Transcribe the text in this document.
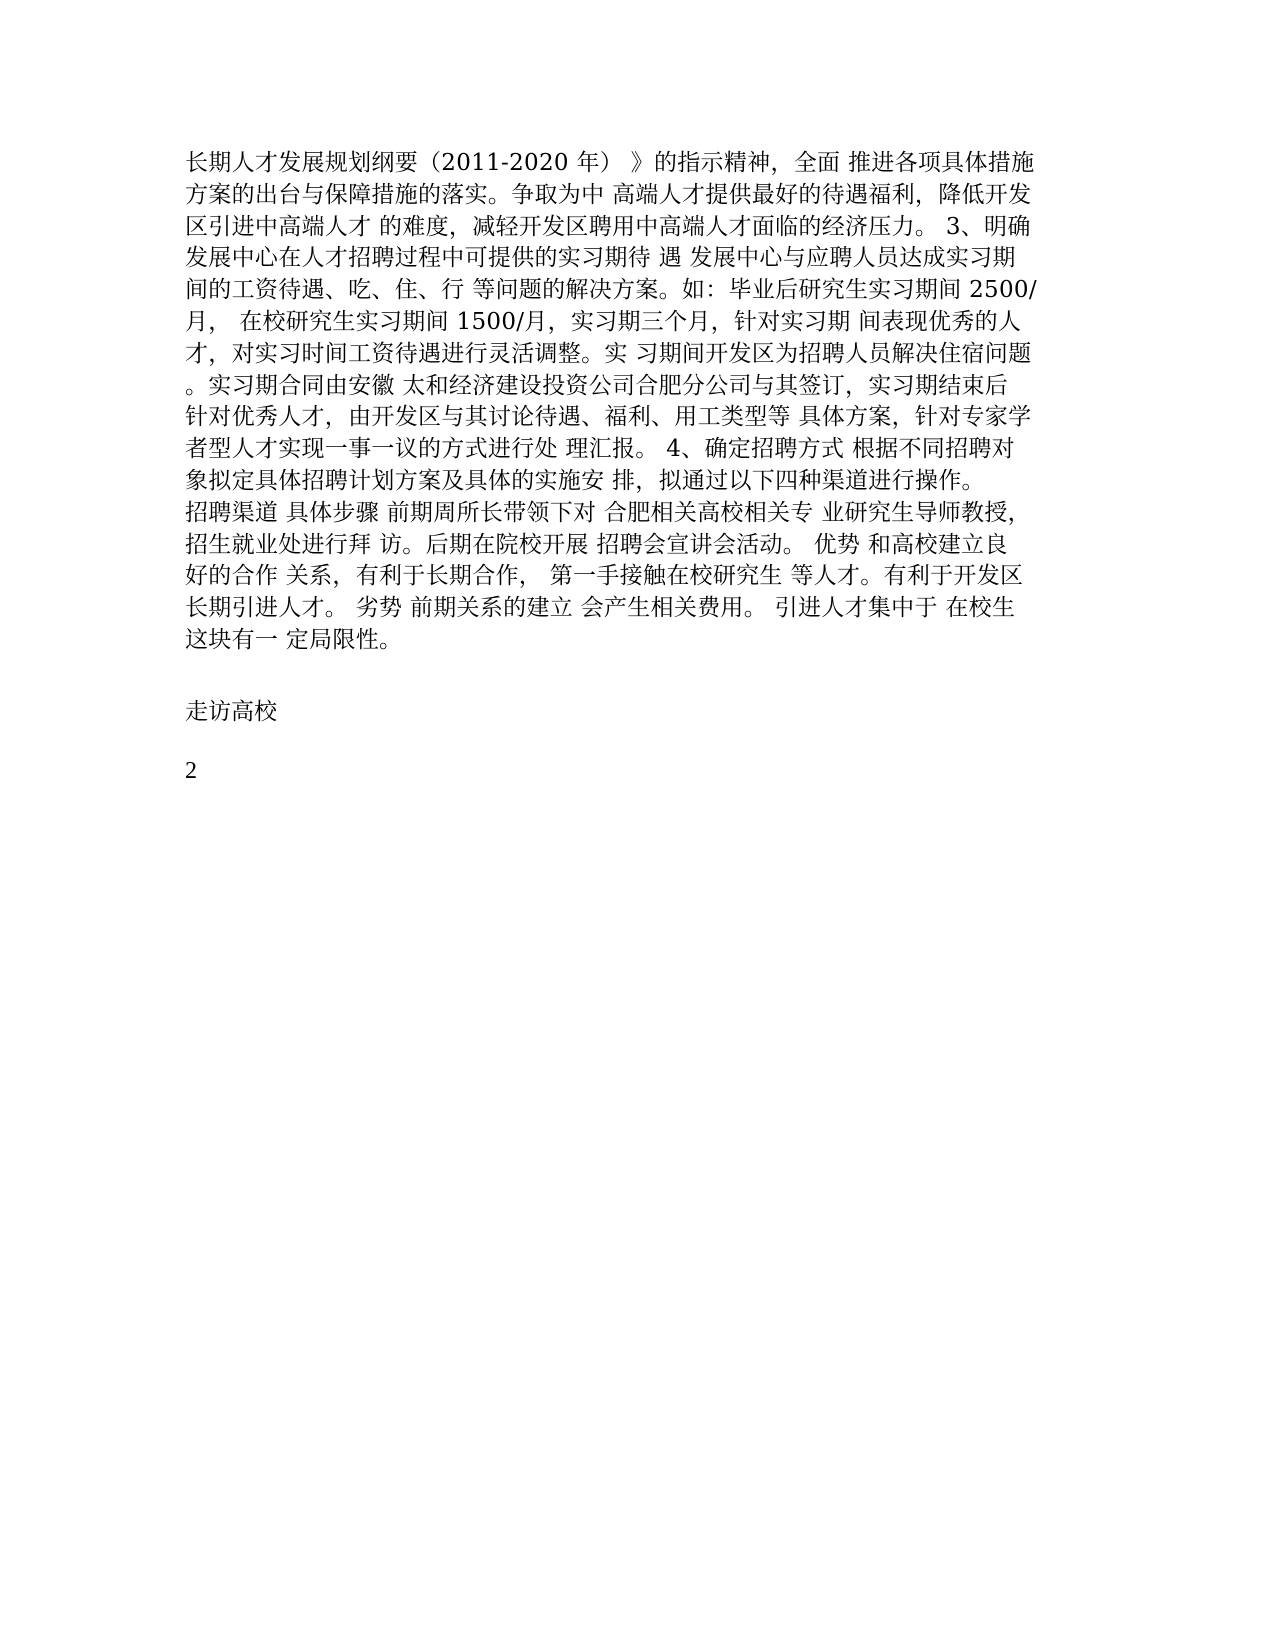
长期人才发展规划纲要（2011-2020 年） 》的指示精神，全面 推进各项具体措施
方案的出台与保障措施的落实。争取为中 高端人才提供最好的待遇福利，降低开发
区引进中高端人才 的难度，减轻开发区聘用中高端人才面临的经济压力。 3、明确
发展中心在人才招聘过程中可提供的实习期待 遇 发展中心与应聘人员达成实习期
间的工资待遇、吃、住、行 等问题的解决方案。如：毕业后研究生实习期间 2500/
月， 在校研究生实习期间 1500/月，实习期三个月，针对实习期 间表现优秀的人
才，对实习时间工资待遇进行灵活调整。实 习期间开发区为招聘人员解决住宿问题
。实习期合同由安徽 太和经济建设投资公司合肥分公司与其签订，实习期结束后
针对优秀人才，由开发区与其讨论待遇、福利、用工类型等 具体方案，针对专家学
者型人才实现一事一议的方式进行处 理汇报。 4、确定招聘方式 根据不同招聘对
象拟定具体招聘计划方案及具体的实施安 排，拟通过以下四种渠道进行操作。
招聘渠道 具体步骤 前期周所长带领下对 合肥相关高校相关专 业研究生导师教授，
招生就业处进行拜 访。后期在院校开展 招聘会宣讲会活动。 优势 和高校建立良
好的合作 关系，有利于长期合作， 第一手接触在校研究生 等人才。有利于开发区
长期引进人才。 劣势 前期关系的建立 会产生相关费用。 引进人才集中于 在校生
这块有一 定局限性。
走访高校
2
